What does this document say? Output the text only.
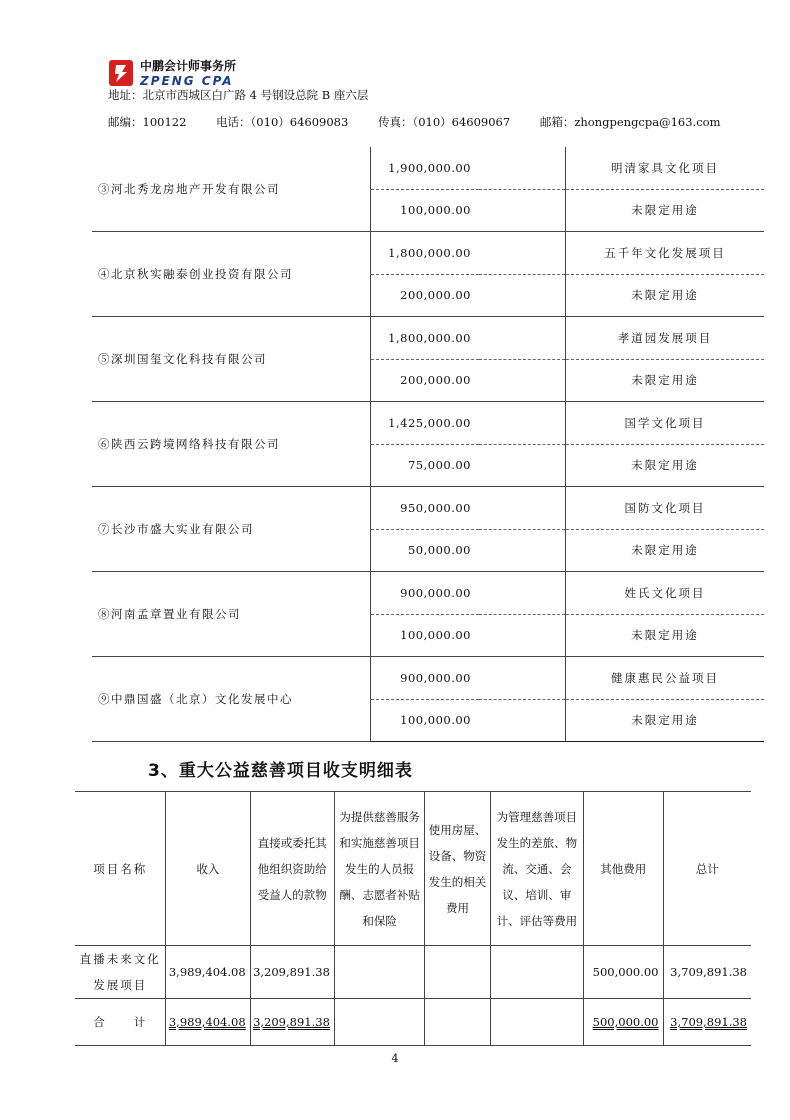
中鹏会计师事务所
ZPENG CPA
地址：北京市西城区白广路 4 号钢设总院 B 座六层
邮编：100122	电话：（010）64609083	传真：（010）64609067	邮箱：zhongpengcpa@163.com
③河北秀龙房地产开发有限公司	1,900,000.00		明清家具文化项目
	100,000.00		未限定用途
④北京秋实融泰创业投资有限公司	1,800,000.00		五千年文化发展项目
	200,000.00		未限定用途
⑤深圳国玺文化科技有限公司	1,800,000.00		孝道园发展项目
	200,000.00		未限定用途
⑥陕西云跨境网络科技有限公司	1,425,000.00		国学文化项目
	75,000.00		未限定用途
⑦长沙市盛大实业有限公司	950,000.00		国防文化项目
	50,000.00		未限定用途
⑧河南孟章置业有限公司	900,000.00		姓氏文化项目
	100,000.00		未限定用途
⑨中鼎国盛（北京）文化发展中心	900,000.00		健康惠民公益项目
	100,000.00		未限定用途
3、重大公益慈善项目收支明细表
项目名称	收入	直接或委托其他组织资助给受益人的款物	为提供慈善服务和实施慈善项目发生的人员报酬、志愿者补贴和保险	使用房屋、设备、物资发生的相关费用	为管理慈善项目发生的差旅、物流、交通、会议、培训、审计、评估等费用	其他费用	总计
直播未来文化发展项目	3,989,404.08	3,209,891.38				500,000.00	3,709,891.38
合　　计	3,989,404.08	3,209,891.38				500,000.00	3,709,891.38
4
